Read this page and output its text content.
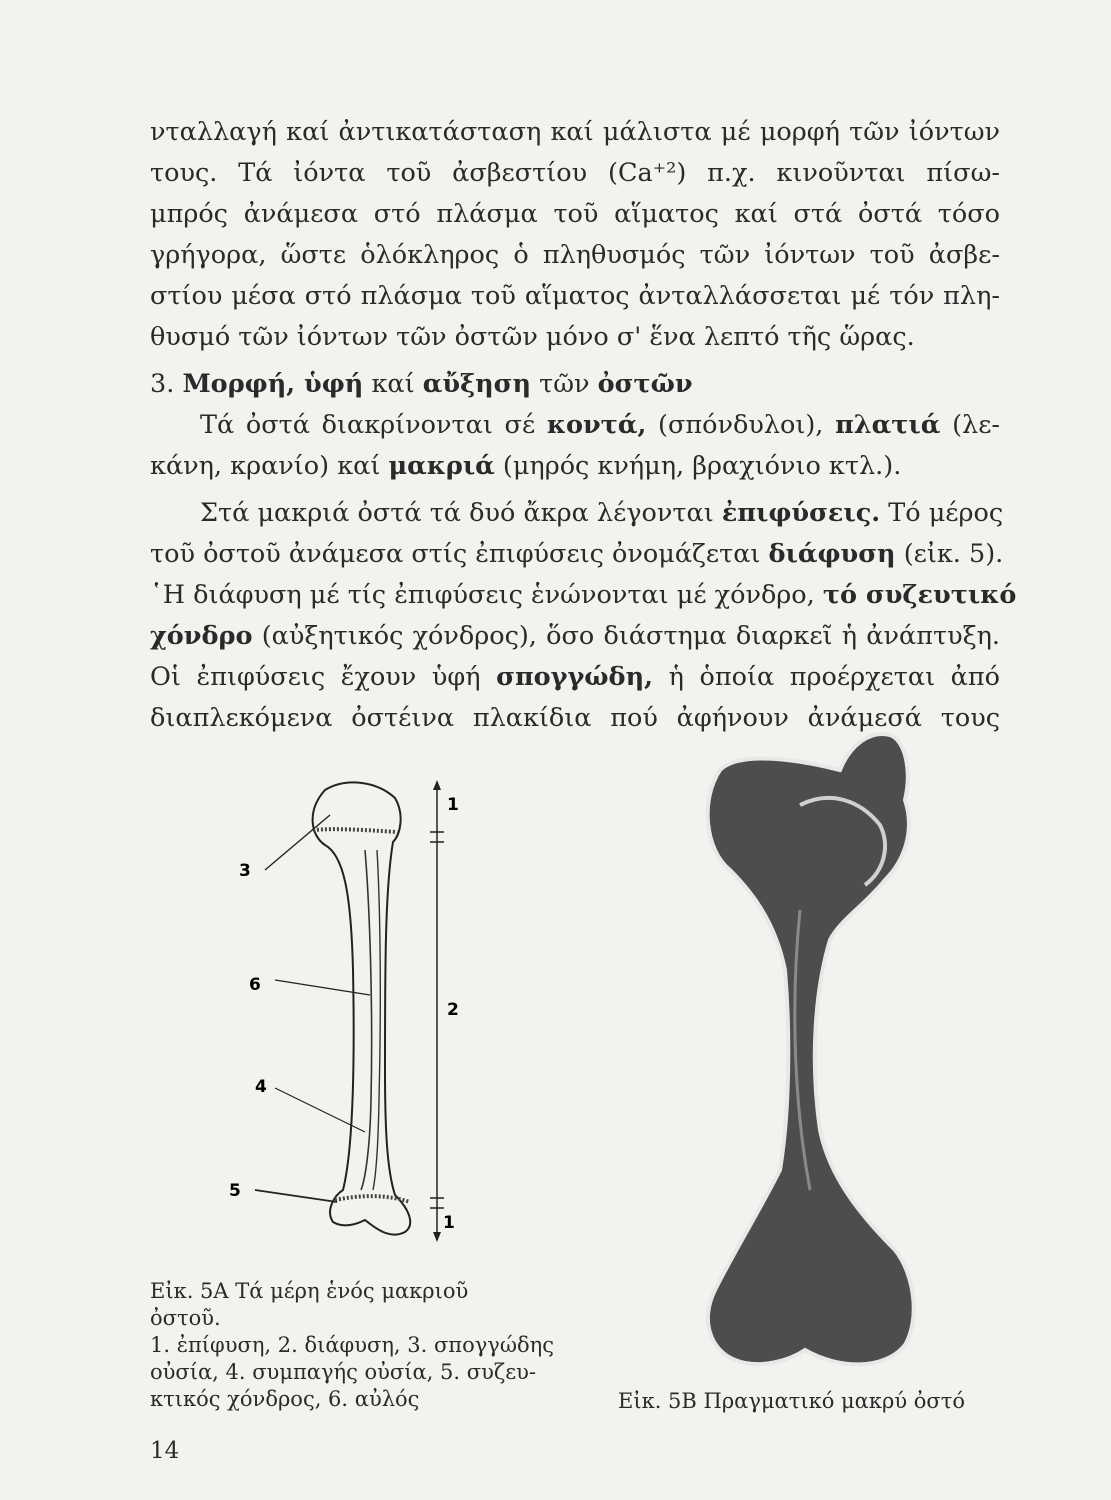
νταλλαγή καί ἀντικατάσταση καί μάλιστα μέ μορφή τῶν ἰόντων
τους. Τά ἰόντα τοῦ ἀσβεστίου (Ca⁺²) π.χ. κινοῦνται πίσω-
μπρός ἀνάμεσα στό πλάσμα τοῦ αἵματος καί στά ὀστά τόσο
γρήγορα, ὥστε ὁλόκληρος ὁ πληθυσμός τῶν ἰόντων τοῦ ἀσβε-
στίου μέσα στό πλάσμα τοῦ αἵματος ἀνταλλάσσεται μέ τόν πλη-
θυσμό τῶν ἰόντων τῶν ὀστῶν μόνο σ' ἕνα λεπτό τῆς ὥρας.

3. Μορφή, ὑφή καί αὔξηση τῶν ὀστῶν

Τά ὀστά διακρίνονται σέ κοντά, (σπόνδυλοι), πλατιά (λε-
κάνη, κρανίο) καί μακριά (μηρός κνήμη, βραχιόνιο κτλ.).

Στά μακριά ὀστά τά δυό ἄκρα λέγονται ἐπιφύσεις. Τό μέρος
τοῦ ὀστοῦ ἀνάμεσα στίς ἐπιφύσεις ὀνομάζεται διάφυση (εἰκ. 5).
῾Η διάφυση μέ τίς ἐπιφύσεις ἑνώνονται μέ χόνδρο, τό συζευτικό
χόνδρο (αὐξητικός χόνδρος), ὅσο διάστημα διαρκεῖ ἡ ἀνάπτυξη.
Οἱ ἐπιφύσεις ἔχουν ὑφή σπογγώδη, ἡ ὁποία προέρχεται ἀπό
διαπλεκόμενα ὀστέινα πλακίδια πού ἀφήνουν ἀνάμεσά τους

1
2
1
3
6
4
5
Εἰκ. 5Α Τά μέρη ἑνός μακριοῦ
ὀστοῦ.
1. ἐπίφυση, 2. διάφυση, 3. σπογγώδης
οὐσία, 4. συμπαγής οὐσία, 5. συζευ-
κτικός χόνδρος, 6. αὐλός	Εἰκ. 5Β Πραγματικό μακρύ ὀστό
14
